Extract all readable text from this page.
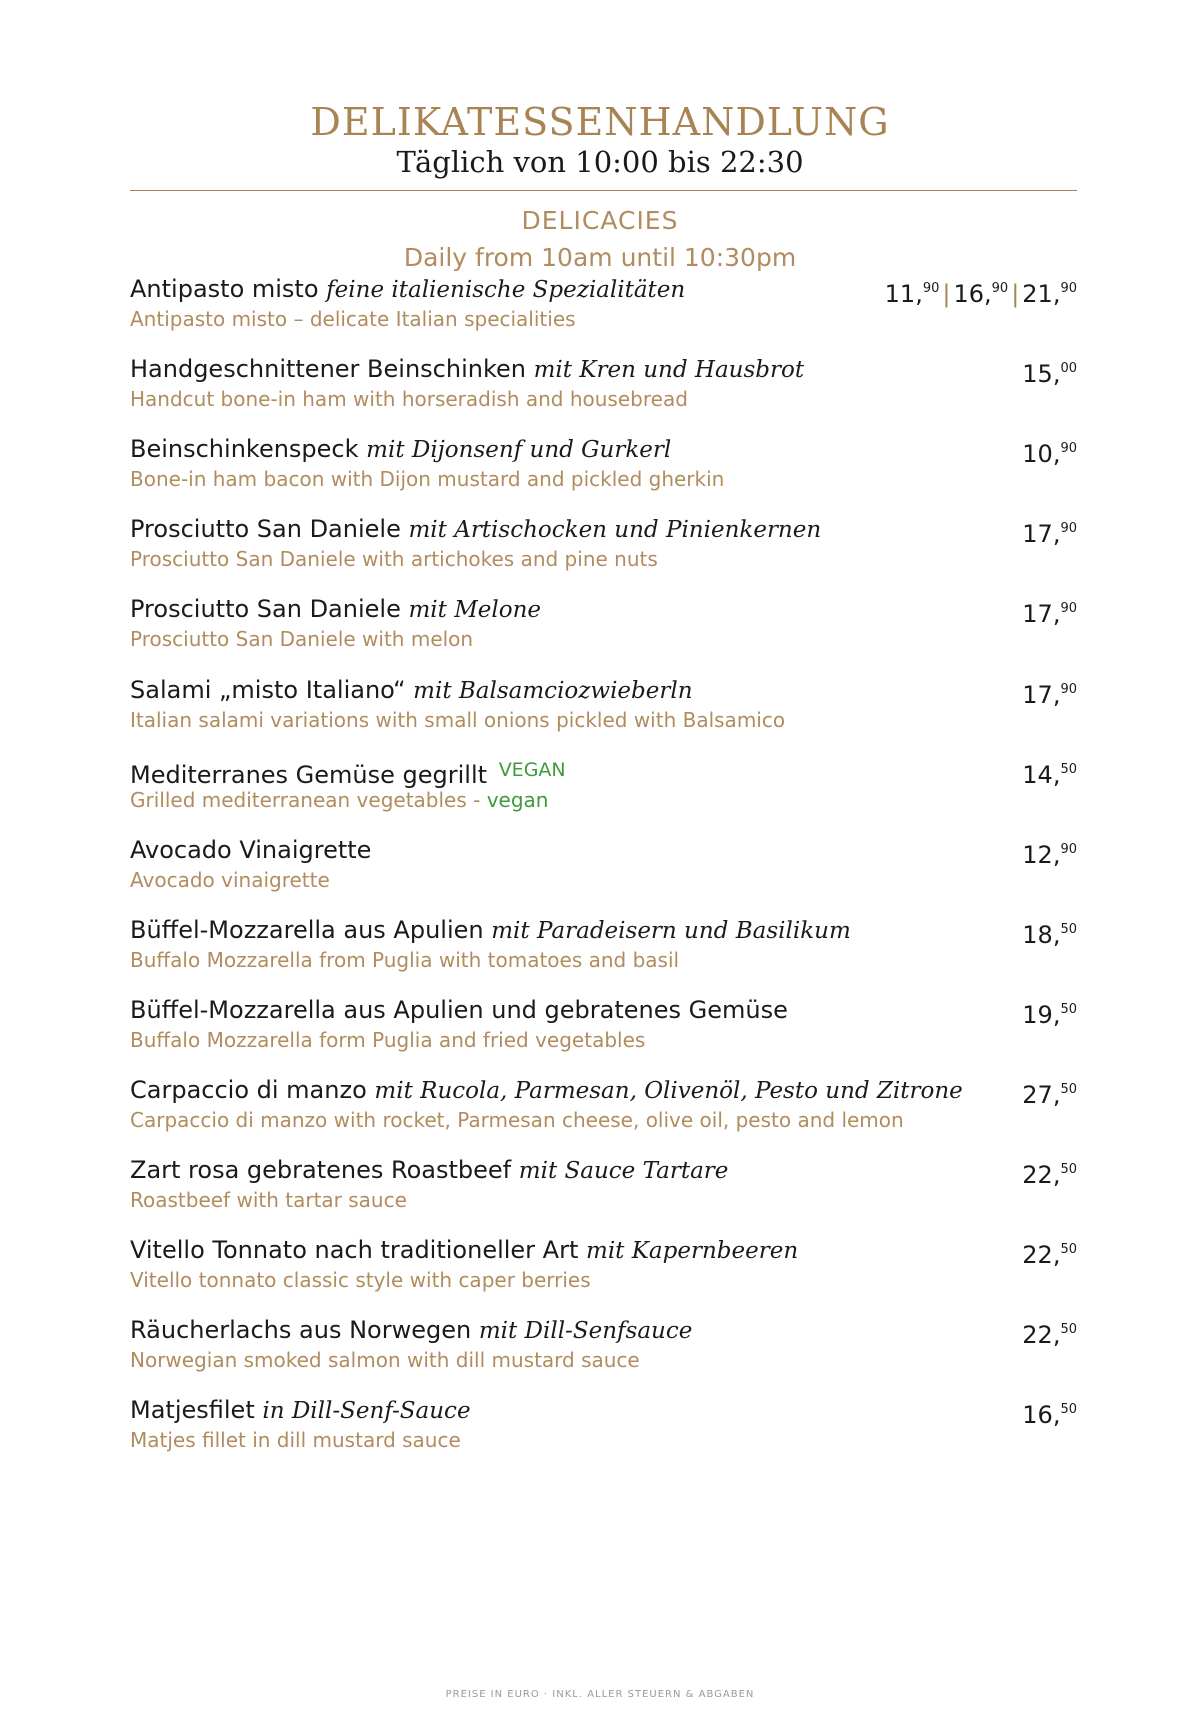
DELIKATESSENHANDLUNG
Täglich von 10:00 bis 22:30
DELICACIES
Daily from 10am until 10:30pm
Antipasto misto feine italienische Spezialitäten
Antipasto misto – delicate Italian specialities
11,90 | 16,90 | 21,90
Handgeschnittener Beinschinken mit Kren und Hausbrot
Handcut bone-in ham with horseradish and housebread
15,00
Beinschinkenspeck mit Dijonsenf und Gurkerl
Bone-in ham bacon with Dijon mustard and pickled gherkin
10,90
Prosciutto San Daniele mit Artischocken und Pinienkernen
Prosciutto San Daniele with artichokes and pine nuts
17,90
Prosciutto San Daniele mit Melone
Prosciutto San Daniele with melon
17,90
Salami „misto Italiano“ mit Balsamciozwieberln
Italian salami variations with small onions pickled with Balsamico
17,90
Mediterranes Gemüse gegrillt $^{VEGAN}$
Grilled mediterranean vegetables - vegan
14,50
Avocado Vinaigrette
Avocado vinaigrette
12,90
Büffel-Mozzarella aus Apulien mit Paradeisern und Basilikum
Buffalo Mozzarella from Puglia with tomatoes and basil
18,50
Büffel-Mozzarella aus Apulien und gebratenes Gemüse
Buffalo Mozzarella form Puglia and fried vegetables
19,50
Carpaccio di manzo mit Rucola, Parmesan, Olivenöl, Pesto und Zitrone
Carpaccio di manzo with rocket, Parmesan cheese, olive oil, pesto and lemon
27,50
Zart rosa gebratenes Roastbeef mit Sauce Tartare
Roastbeef with tartar sauce
22,50
Vitello Tonnato nach traditioneller Art mit Kapernbeeren
Vitello tonnato classic style with caper berries
22,50
Räucherlachs aus Norwegen mit Dill-Senfsauce
Norwegian smoked salmon with dill mustard sauce
22,50
Matjesfilet in Dill-Senf-Sauce
Matjes fillet in dill mustard sauce
16,50
PREISE IN EURO · INKL. ALLER STEUERN & ABGABEN
